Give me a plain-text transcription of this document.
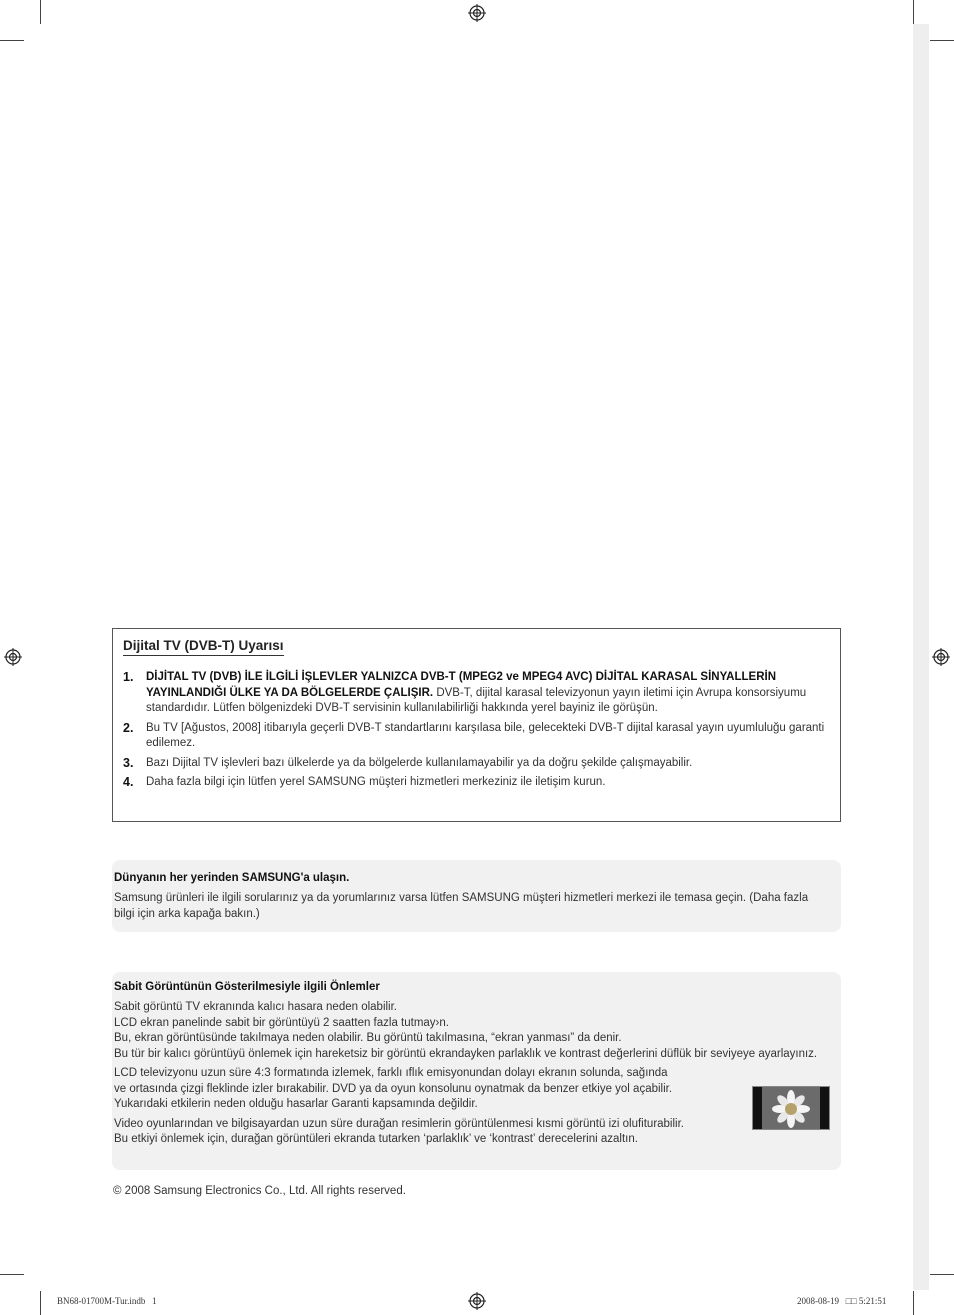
Dijital TV (DVB-T) Uyarısı
1. DİJİTAL TV (DVB) İLE İLGİLİ İŞLEVLER YALNIZCA DVB-T (MPEG2 ve MPEG4 AVC) DİJİTAL KARASAL SİNYALLERİN YAYINLANDIĞI ÜLKE YA DA BÖLGELERDE ÇALIŞIR. DVB-T, dijital karasal televizyonun yayın iletimi için Avrupa konsorsiyumu standardıdır. Lütfen bölgenizdeki DVB-T servisinin kullanılabilirliği hakkında yerel bayiniz ile görüşün.
2. Bu TV [Ağustos, 2008] itibarıyla geçerli DVB-T standartlarını karşılasa bile, gelecekteki DVB-T dijital karasal yayın uyumluluğu garanti edilemez.
3. Bazı Dijital TV işlevleri bazı ülkelerde ya da bölgelerde kullanılamayabilir ya da doğru şekilde çalışmayabilir.
4. Daha fazla bilgi için lütfen yerel SAMSUNG müşteri hizmetleri merkeziniz ile iletişim kurun.
Dünyanın her yerinden SAMSUNG'a ulaşın.
Samsung ürünleri ile ilgili sorularınız ya da yorumlarınız varsa lütfen SAMSUNG müşteri hizmetleri merkezi ile temasa geçin. (Daha fazla bilgi için arka kapağa bakın.)
Sabit Görüntünün Gösterilmesiyle ilgili Önlemler

Sabit görüntü TV ekranında kalıcı hasara neden olabilir.

LCD ekran panelinde sabit bir görüntüyü 2 saatten fazla tutmay›n.

Bu, ekran görüntüsünde takılmaya neden olabilir. Bu görüntü takılmasına, “ekran yanması” da denir.

Bu tür bir kalıcı görüntüyü önlemek için hareketsiz bir görüntü ekrandayken parlaklık ve kontrast değerlerini düflük bir seviyeye ayarlayınız.

LCD televizyonu uzun süre 4:3 formatında izlemek, farklı ıflık emisyonundan dolayı ekranın solunda, sağında

ve ortasında çizgi fleklinde izler bırakabilir. DVD ya da oyun konsolunu oynatmak da benzer etkiye yol açabilir.

Yukarıdaki etkilerin neden olduğu hasarlar Garanti kapsamında değildir.

Video oyunlarından ve bilgisayardan uzun süre durağan resimlerin görüntülenmesi kısmi görüntü izi olufiturabilir.

Bu etkiyi önlemek için, durağan görüntüleri ekranda tutarken ‘parlaklık’ ve ‘kontrast’ derecelerini azaltın.

© 2008 Samsung Electronics Co., Ltd. All rights reserved.
BN68-01700M-Tur.indb   1	2008-08-19   □□ 5:21:51
